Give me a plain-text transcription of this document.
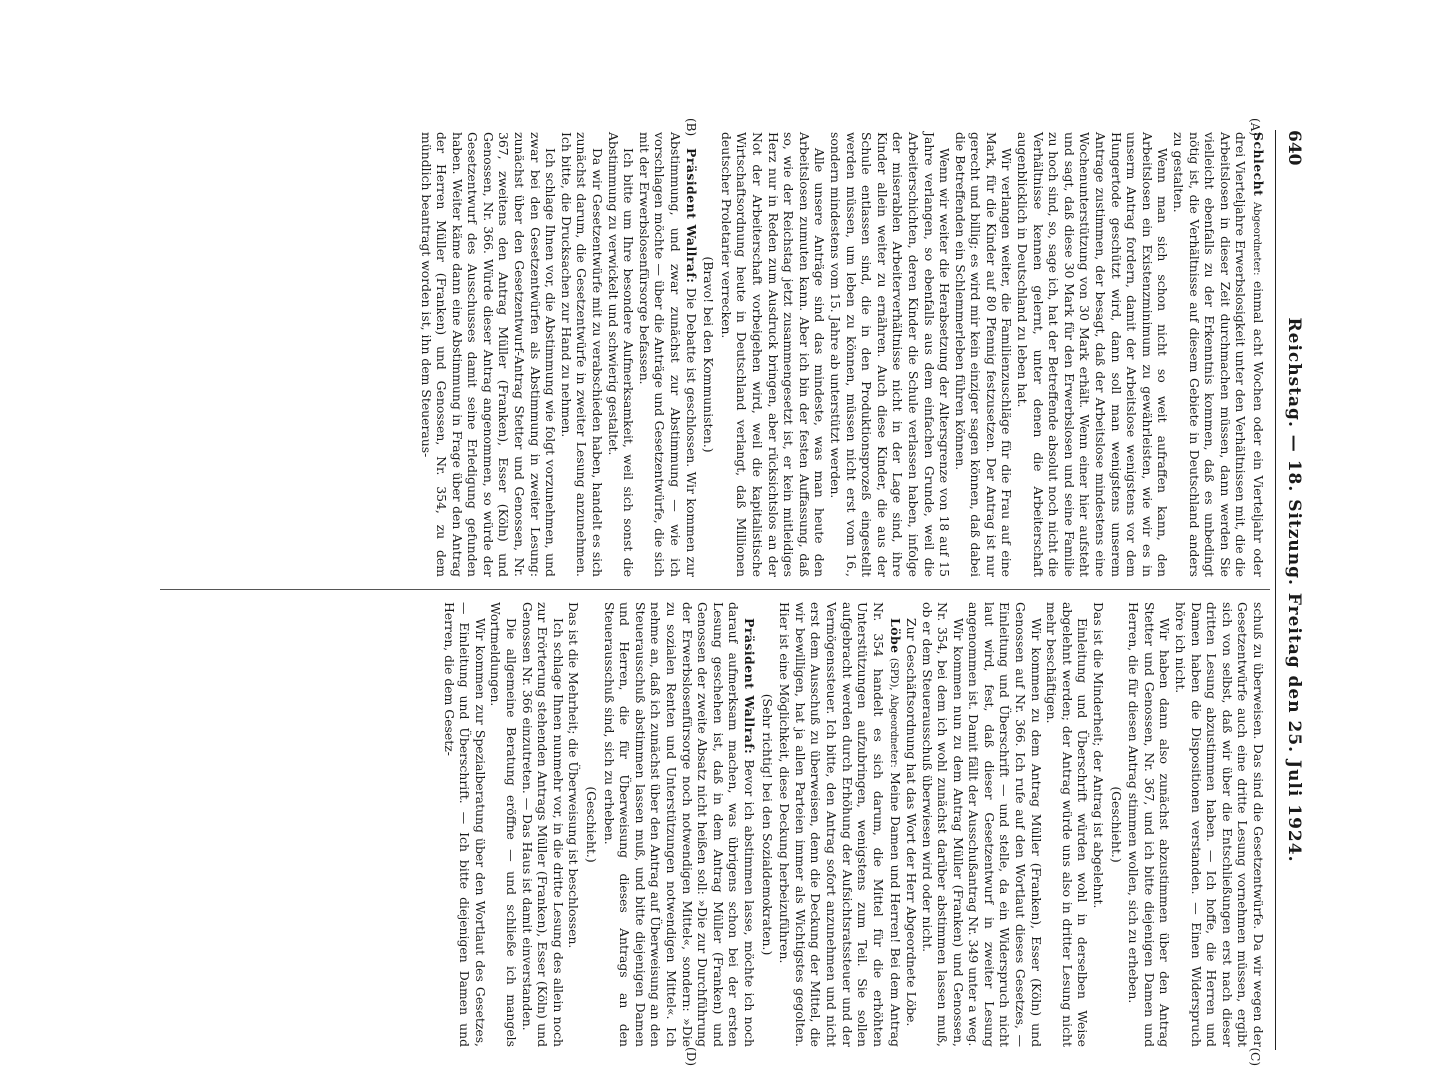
640
Reichstag. — 18. Sitzung. Freitag den 25. Juli 1924.
(A)
(B)
(C)
(D)

Schlecht Abgeordneter: einmal acht Wochen oder ein Vierteljahr oder drei Vierteljahre Erwerbslosigkeit unter den Verhältnissen mit, die die Arbeitslosen in dieser Zeit durchmachen müssen, dann werden Sie vielleicht ebenfalls zu der Erkenntnis kommen, daß es unbedingt nötig ist, die Verhältnisse auf diesem Gebiete in Deutschland anders zu gestalten.

Wenn man sich schon nicht so weit aufraffen kann, den Arbeitslosen ein Existenzminimum zu gewährleisten, wie wir es in unserm Antrag fordern, damit der Arbeitslose wenigstens vor dem Hungertode geschützt wird, dann soll man wenigstens unserem Antrage zustimmen, der besagt, daß der Arbeitslose mindestens eine Wochenunterstützung von 30 Mark erhält. Wenn einer hier aufsteht und sagt, daß diese 30 Mark für den Erwerbslosen und seine Familie zu hoch sind, so, sage ich, hat der Betreffende absolut noch nicht die Verhältnisse kennen gelernt, unter denen die Arbeiterschaft augenblicklich in Deutschland zu leben hat.

Wir verlangen weiter, die Familienzuschläge für die Frau auf eine Mark, für die Kinder auf 80 Pfennig festzusetzen. Der Antrag ist nur gerecht und billig; es wird mir kein einziger sagen können, daß dabei die Betreffenden ein Schlemmerleben führen können.

Wenn wir weiter die Herabsetzung der Altersgrenze von 18 auf 15 Jahre verlangen, so ebenfalls aus dem einfachen Grunde, weil die Arbeiterschichten, deren Kinder die Schule verlassen haben, infolge der miserablen Arbeiterverhältnisse nicht in der Lage sind, ihre Kinder allein weiter zu ernähren. Auch diese Kinder, die aus der Schule entlassen sind, die in den Produktionsprozeß eingestellt werden müssen, um leben zu können, müssen nicht erst vom 16., sondern mindestens vom 15. Jahre ab unterstützt werden.

Alle unsere Anträge sind das mindeste, was man heute den Arbeitslosen zumuten kann. Aber ich bin der festen Auffassung, daß so, wie der Reichstag jetzt zusammengesetzt ist, er kein mitleidiges Herz nur in Reden zum Ausdruck bringen, aber rücksichtslos an der Not der Arbeiterschaft vorbeigehen wird, weil die kapitalistische Wirtschaftsordnung heute in Deutschland verlangt, daß Millionen deutscher Proletarier verrecken.

(Bravo! bei den Kommunisten.)

Präsident Wallraf: Die Debatte ist geschlossen. Wir kommen zur Abstimmung, und zwar zunächst zur Abstimmung — wie ich vorschlagen möchte — über die Anträge und Gesetzentwürfe, die sich mit der Erwerbslosenfürsorge befassen.

Ich bitte um Ihre besondere Aufmerksamkeit, weil sich sonst die Abstimmung zu verwickelt und schwierig gestaltet.

Da wir Gesetzentwürfe mit zu verabschieden haben, handelt es sich zunächst darum, die Gesetzentwürfe in zweiter Lesung anzunehmen. Ich bitte, die Drucksachen zur Hand zu nehmen.

Ich schlage Ihnen vor, die Abstimmung wie folgt vorzunehmen, und zwar bei den Gesetzentwürfen als Abstimmung in zweiter Lesung: zunächst über den Gesetzentwurf-Antrag Stetter und Genossen, Nr. 367, zweitens den Antrag Müller (Franken), Esser (Köln) und Genossen, Nr. 366. Würde dieser Antrag angenommen, so würde der Gesetzentwurf des Ausschusses damit seine Erledigung gefunden haben. Weiter käme dann eine Abstimmung in Frage über den Antrag der Herren Müller (Franken) und Genossen, Nr. 354, zu dem mündlich beantragt worden ist, ihn dem Steueraus-

schuß zu überweisen. Das sind die Gesetzentwürfe. Da wir wegen der Gesetzentwürfe auch eine dritte Lesung vornehmen müssen, ergibt sich von selbst, daß wir über die Entschließungen erst nach dieser dritten Lesung abzustimmen haben. — Ich hoffe, die Herren und Damen haben die Dispositionen verstanden. — Einen Widerspruch höre ich nicht.

Wir haben dann also zunächst abzustimmen über den Antrag Stetter und Genossen, Nr. 367, und ich bitte diejenigen Damen und Herren, die für diesen Antrag stimmen wollen, sich zu erheben.

(Geschieht.)

Das ist die Minderheit; der Antrag ist abgelehnt.

Einleitung und Überschrift würden wohl in derselben Weise abgelehnt werden; der Antrag würde uns also in dritter Lesung nicht mehr beschäftigen.

Wir kommen zu dem Antrag Müller (Franken), Esser (Köln) und Genossen auf Nr. 366. Ich rufe auf den Wortlaut dieses Gesetzes, — Einleitung und Überschrift — und stelle, da ein Widerspruch nicht laut wird, fest, daß dieser Gesetzentwurf in zweiter Lesung angenommen ist. Damit fällt der Ausschußantrag Nr. 349 unter a weg.

Wir kommen nun zu dem Antrag Müller (Franken) und Genossen, Nr. 354, bei dem ich wohl zunächst darüber abstimmen lassen muß, ob er dem Steuerausschuß überwiesen wird oder nicht.

Zur Geschäftsordnung hat das Wort der Herr Abgeordnete Löbe.

Löbe (SPD), Abgeordneter: Meine Damen und Herren! Bei dem Antrag Nr. 354 handelt es sich darum, die Mittel für die erhöhten Unterstützungen aufzubringen, wenigstens zum Teil. Sie sollen aufgebracht werden durch Erhöhung der Aufsichtsratssteuer und der Vermögenssteuer. Ich bitte, den Antrag sofort anzunehmen und nicht erst dem Ausschuß zu überweisen, denn die Deckung der Mittel, die wir bewilligen, hat ja allen Parteien immer als Wichtigstes gegolten. Hier ist eine Möglichkeit, diese Deckung herbeizuführen.

(Sehr richtig! bei den Sozialdemokraten.)

Präsident Wallraf: Bevor ich abstimmen lasse, möchte ich noch darauf aufmerksam machen, was übrigens schon bei der ersten Lesung geschehen ist, daß in dem Antrag Müller (Franken) und Genossen der zweite Absatz nicht heißen soll: »Die zur Durchführung der Erwerbslosenfürsorge noch notwendigen Mittel«, sondern: »Die zu sozialen Renten und Unterstützungen notwendigen Mittel«. Ich nehme an, daß ich zunächst über den Antrag auf Überweisung an den Steuerausschuß abstimmen lassen muß, und bitte diejenigen Damen und Herren, die für Überweisung dieses Antrags an den Steuerausschuß sind, sich zu erheben.

(Geschieht.)

Das ist die Mehrheit; die Überweisung ist beschlossen.

Ich schlage Ihnen nunmehr vor, in die dritte Lesung des allein noch zur Erörterung stehenden Antrags Müller (Franken), Esser (Köln) und Genossen Nr. 366 einzutreten. — Das Haus ist damit einverstanden.

Die allgemeine Beratung eröffne — und schließe ich mangels Wortmeldungen.

Wir kommen zur Spezialberatung über den Wortlaut des Gesetzes, — Einleitung und Überschrift. — Ich bitte diejenigen Damen und Herren, die dem Gesetz-
